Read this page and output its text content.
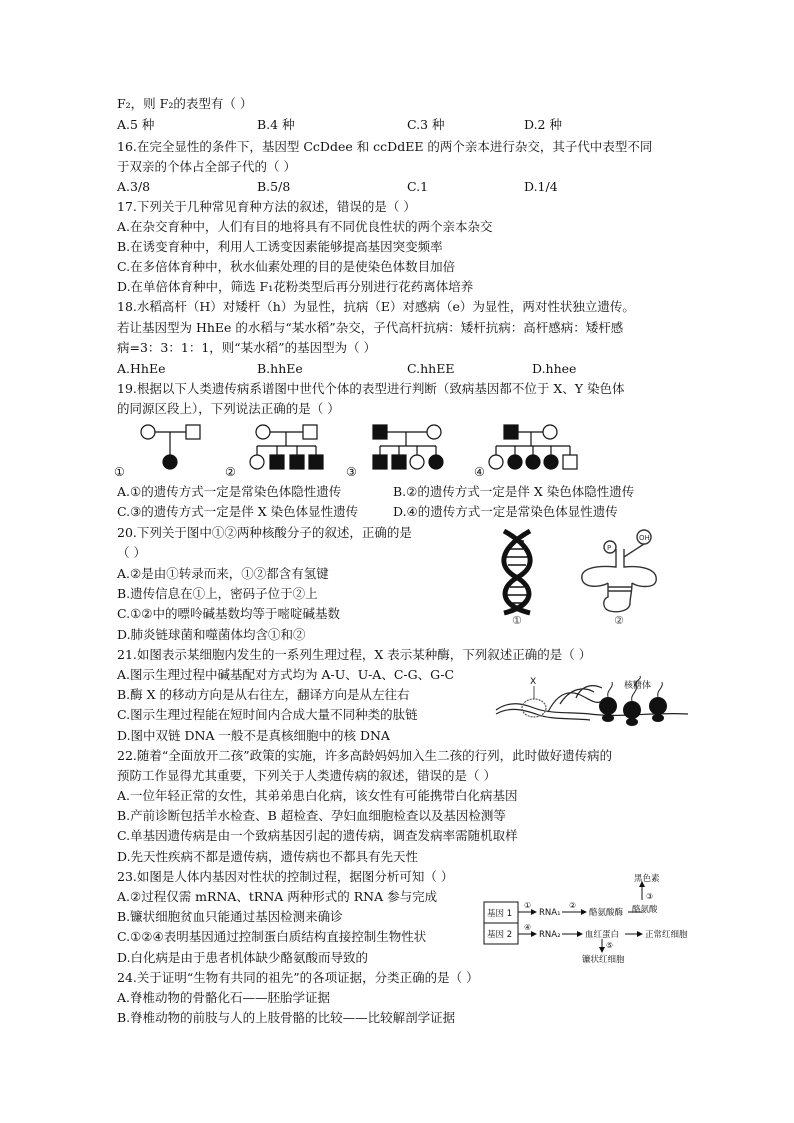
F₂，则 F₂的表型有（ ）
A.5 种	B.4 种	C.3 种	D.2 种
16.在完全显性的条件下，基因型 CcDdee 和 ccDdEE 的两个亲本进行杂交，其子代中表型不同
于双亲的个体占全部子代的（ ）
A.3/8	B.5/8	C.1	D.1/4
17.下列关于几种常见育种方法的叙述，错误的是（ ）
A.在杂交育种中，人们有目的地将具有不同优良性状的两个亲本杂交
B.在诱变育种中，利用人工诱变因素能够提高基因突变频率
C.在多倍体育种中，秋水仙素处理的目的是使染色体数目加倍
D.在单倍体育种中，筛选 F₁花粉类型后再分别进行花药离体培养
18.水稻高杆（H）对矮杆（h）为显性，抗病（E）对感病（e）为显性，两对性状独立遗传。
若让基因型为 HhEe 的水稻与“某水稻”杂交，子代高杆抗病：矮杆抗病：高杆感病：矮杆感
病=3：3：1：1，则“某水稻”的基因型为（ ）
A.HhEe	B.hhEe	C.hhEE	D.hhee
19.根据以下人类遗传病系谱图中世代个体的表型进行判断（致病基因都不位于 X、Y 染色体
的同源区段上），下列说法正确的是（ ）
①	②	③	④
A.①的遗传方式一定是常染色体隐性遗传	B.②的遗传方式一定是伴 X 染色体隐性遗传
C.③的遗传方式一定是伴 X 染色体显性遗传	D.④的遗传方式一定是常染色体显性遗传
20.下列关于图中①②两种核酸分子的叙述，正确的是
（ ）
A.②是由①转录而来，①②都含有氢键
B.遗传信息在①上，密码子位于②上
C.①②中的嘌呤碱基数均等于嘧啶碱基数
D.肺炎链球菌和噬菌体均含①和②
①
P
OH
②
21.如图表示某细胞内发生的一系列生理过程，X 表示某种酶，下列叙述正确的是（ ）
A.图示生理过程中碱基配对方式均为 A-U、U-A、C-G、G-C
B.酶 X 的移动方向是从右往左，翻译方向是从左往右
C.图示生理过程能在短时间内合成大量不同种类的肽链
D.图中双链 DNA 一般不是真核细胞中的核 DNA
X	核糖体
22.随着“全面放开二孩”政策的实施，许多高龄妈妈加入生二孩的行列，此时做好遗传病的
预防工作显得尤其重要，下列关于人类遗传病的叙述，错误的是（ ）
A.一位年轻正常的女性，其弟弟患白化病，该女性有可能携带白化病基因
B.产前诊断包括羊水检查、B 超检查、孕妇血细胞检查以及基因检测等
C.单基因遗传病是由一个致病基因引起的遗传病，调查发病率需随机取样
D.先天性疾病不都是遗传病，遗传病也不都具有先天性
23.如图是人体内基因对性状的控制过程，据图分析可知（ ）
A.②过程仅需 mRNA、tRNA 两种形式的 RNA 参与完成
B.镰状细胞贫血只能通过基因检测来确诊
C.①②④表明基因通过控制蛋白质结构直接控制生物性状
D.白化病是由于患者机体缺少酪氨酸而导致的
基因 1
基因 2
①
RNA₁
②
酪氨酸酶
③
黑色素
酪氨酸
④
RNA₂	血红蛋白	正常红细胞
⑤
镰状红细胞
24.关于证明“生物有共同的祖先”的各项证据，分类正确的是（ ）
A.脊椎动物的骨骼化石——胚胎学证据
B.脊椎动物的前肢与人的上肢骨骼的比较——比较解剖学证据
